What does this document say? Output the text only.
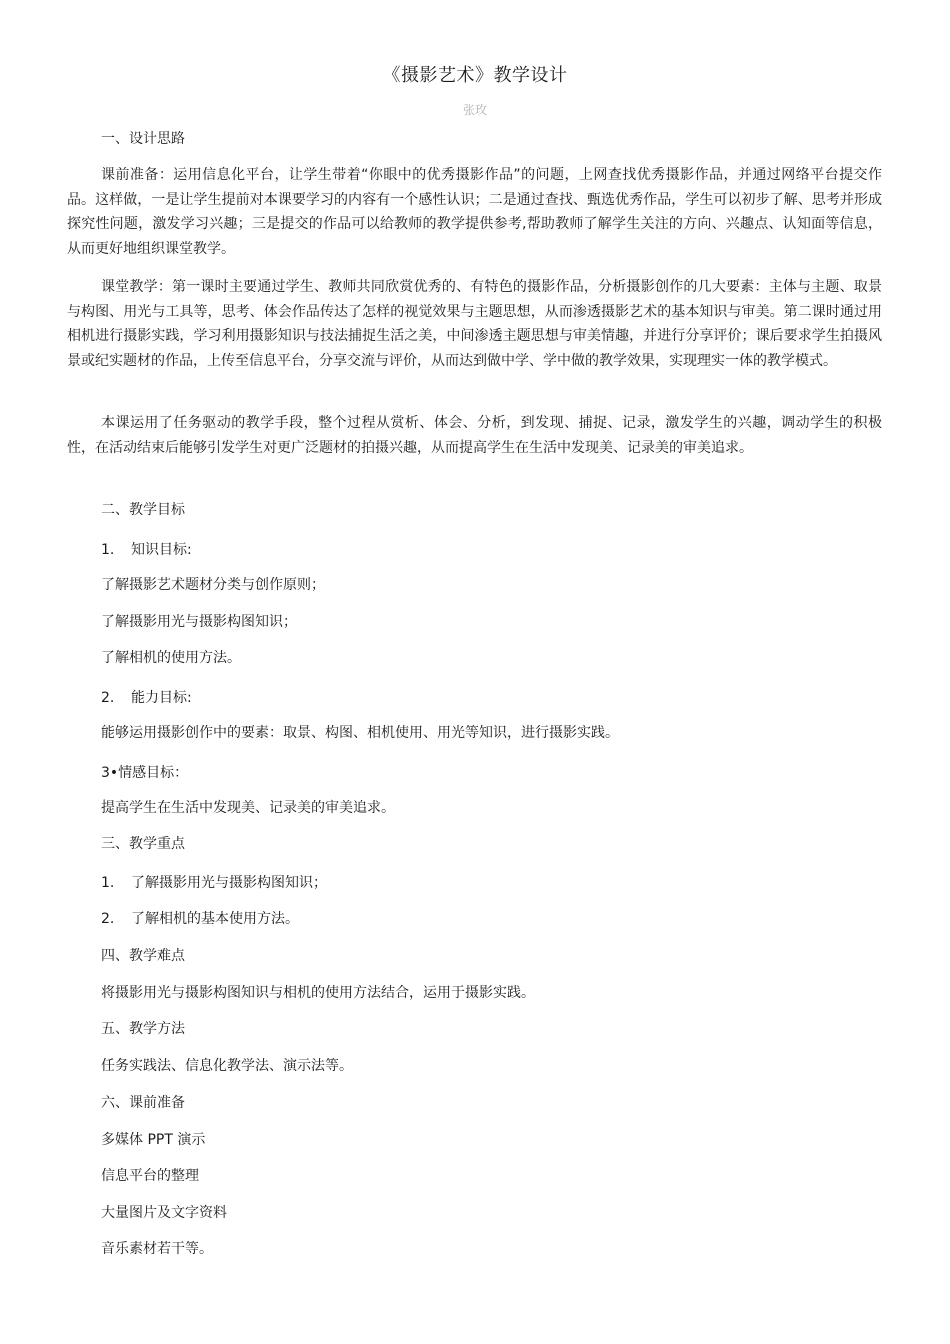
《摄影艺术》教学设计
张玫
一、设计思路
课前准备：运用信息化平台，让学生带着“你眼中的优秀摄影作品”的问题，上网查找优秀摄影作品，并通过网络平台提交作品。这样做，一是让学生提前对本课要学习的内容有一个感性认识；二是通过查找、甄选优秀作品，学生可以初步了解、思考并形成探究性问题，激发学习兴趣；三是提交的作品可以给教师的教学提供参考,帮助教师了解学生关注的方向、兴趣点、认知面等信息，从而更好地组织课堂教学。
课堂教学：第一课时主要通过学生、教师共同欣赏优秀的、有特色的摄影作品，分析摄影创作的几大要素：主体与主题、取景与构图、用光与工具等，思考、体会作品传达了怎样的视觉效果与主题思想，从而渗透摄影艺术的基本知识与审美。第二课时通过用相机进行摄影实践，学习利用摄影知识与技法捕捉生活之美，中间渗透主题思想与审美情趣，并进行分享评价；课后要求学生拍摄风景或纪实题材的作品，上传至信息平台，分享交流与评价，从而达到做中学、学中做的教学效果，实现理实一体的教学模式。
本课运用了任务驱动的教学手段，整个过程从赏析、体会、分析，到发现、捕捉、记录，激发学生的兴趣，调动学生的积极性，在活动结束后能够引发学生对更广泛题材的拍摄兴趣，从而提高学生在生活中发现美、记录美的审美追求。
二、教学目标
1. 知识目标:
了解摄影艺术题材分类与创作原则；
了解摄影用光与摄影构图知识；
了解相机的使用方法。
2. 能力目标:
能够运用摄影创作中的要素：取景、构图、相机使用、用光等知识，进行摄影实践。
3•情感目标：
提高学生在生活中发现美、记录美的审美追求。
三、教学重点
1. 了解摄影用光与摄影构图知识；
2. 了解相机的基本使用方法。
四、教学难点
将摄影用光与摄影构图知识与相机的使用方法结合，运用于摄影实践。
五、教学方法
任务实践法、信息化教学法、演示法等。
六、课前准备
多媒体 PPT 演示
信息平台的整理
大量图片及文字资料
音乐素材若干等。
